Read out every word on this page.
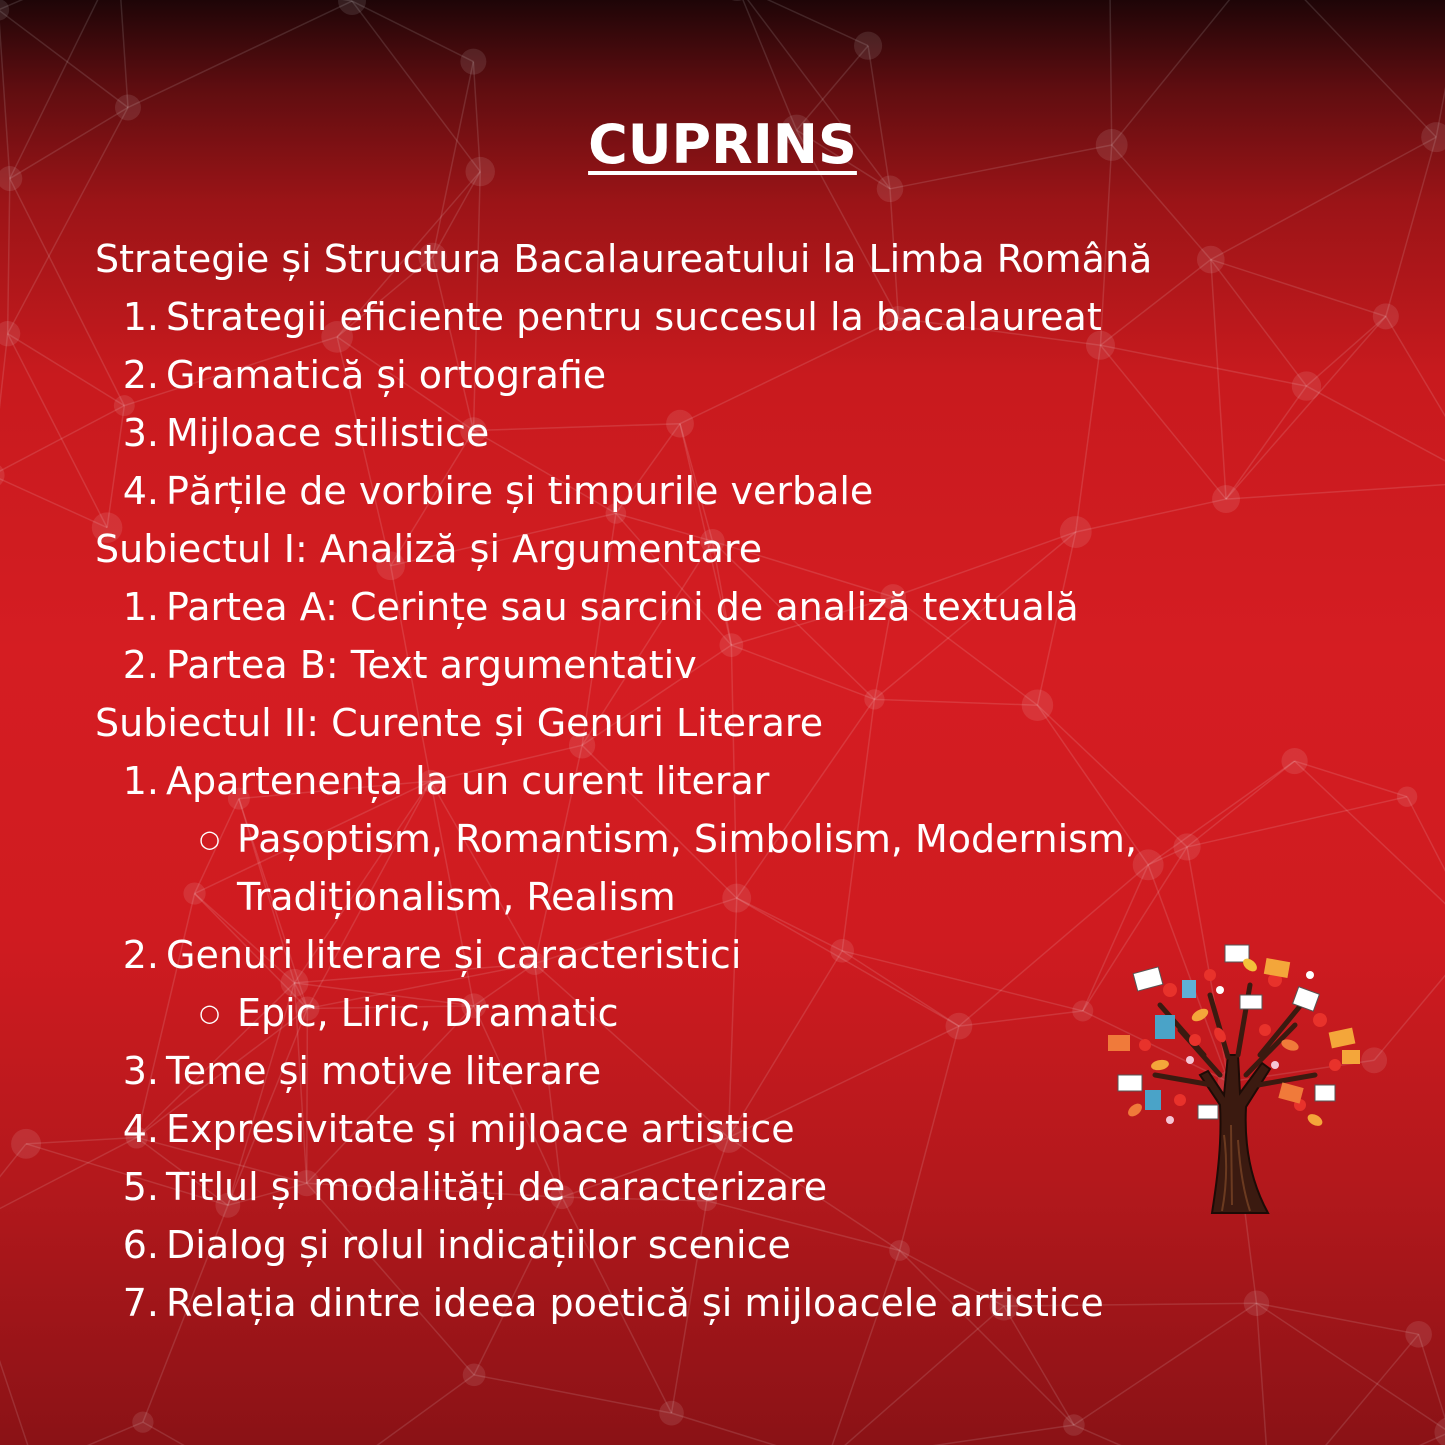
CUPRINS
Strategie și Structura Bacalaureatului la Limba Română
1. Strategii eficiente pentru succesul la bacalaureat
2. Gramatică și ortografie
3. Mijloace stilistice
4. Părțile de vorbire și timpurile verbale
Subiectul I: Analiză și Argumentare
1. Partea A: Cerințe sau sarcini de analiză textuală
2. Partea B: Text argumentativ
Subiectul II: Curente și Genuri Literare
1. Apartenența la un curent literar
○ Pașoptism, Romantism, Simbolism, Modernism,
Tradiționalism, Realism
2. Genuri literare și caracteristici
○ Epic, Liric, Dramatic
3. Teme și motive literare
4. Expresivitate și mijloace artistice
5. Titlul și modalități de caracterizare
6. Dialog și rolul indicațiilor scenice
7. Relația dintre ideea poetică și mijloacele artistice
